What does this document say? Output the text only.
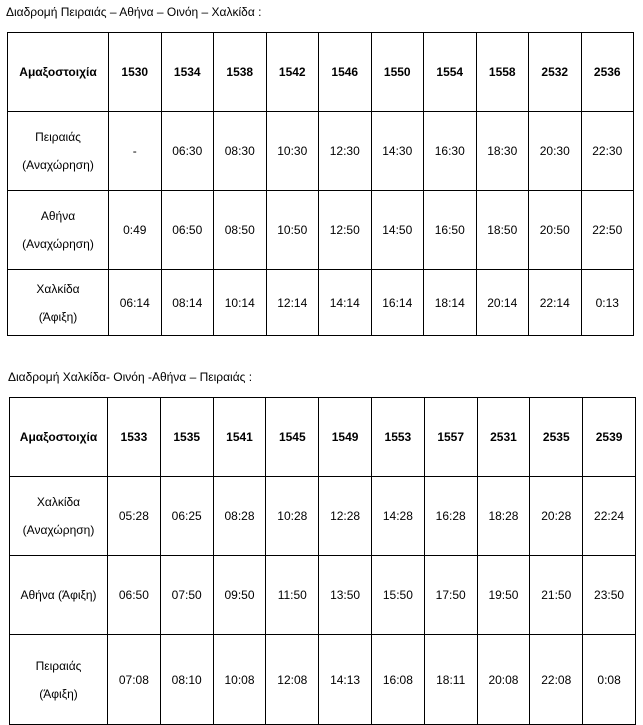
Διαδρομή Πειραιάς – Αθήνα – Οινόη – Χαλκίδα :
Αμαξοστοιχία	1530	1534	1538	1542	1546	1550	1554	1558	2532	2536

Πειραιάς
(Αναχώρηση)	-	06:30	08:30	10:30	12:30	14:30	16:30	18:30	20:30	22:30

Αθήνα
(Αναχώρηση)	0:49	06:50	08:50	10:50	12:50	14:50	16:50	18:50	20:50	22:50

Χαλκίδα
(Άφιξη)	06:14	08:14	10:14	12:14	14:14	16:14	18:14	20:14	22:14	0:13
Διαδρομή Χαλκίδα- Οινόη -Αθήνα – Πειραιάς :
Αμαξοστοιχία	1533	1535	1541	1545	1549	1553	1557	2531	2535	2539

Χαλκίδα
(Αναχώρηση)	05:28	06:25	08:28	10:28	12:28	14:28	16:28	18:28	20:28	22:24

Αθήνα (Άφιξη)	06:50	07:50	09:50	11:50	13:50	15:50	17:50	19:50	21:50	23:50

Πειραιάς
(Άφιξη)	07:08	08:10	10:08	12:08	14:13	16:08	18:11	20:08	22:08	0:08
